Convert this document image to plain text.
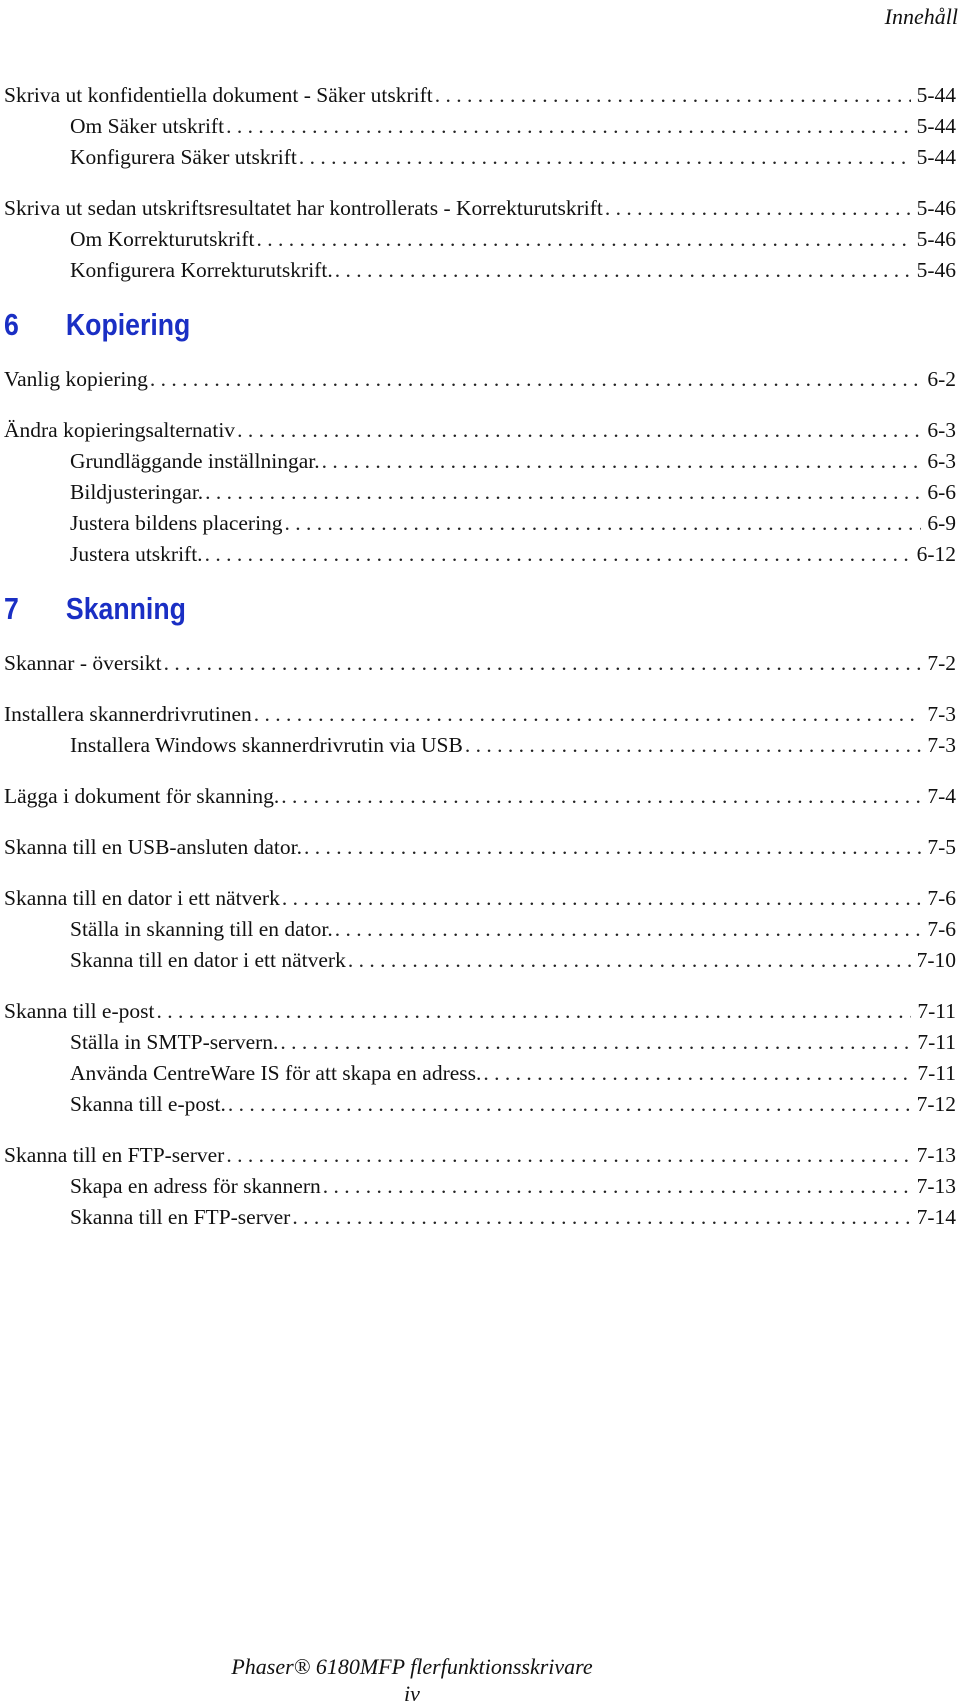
Innehåll
Skriva ut konfidentiella dokument - Säker utskrift . . .	5-44
Om Säker utskrift . . .	5-44
Konfigurera Säker utskrift . . .	5-44
Skriva ut sedan utskriftsresultatet har kontrollerats - Korrekturutskrift . . .	5-46
Om Korrekturutskrift . . .	5-46
Konfigurera Korrekturutskrift. . . .	5-46
6	Kopiering
Vanlig kopiering . . .	6-2
Ändra kopieringsalternativ . . .	6-3
Grundläggande inställningar. . . .	6-3
Bildjusteringar. . . .	6-6
Justera bildens placering . . .	6-9
Justera utskrift. . . .	6-12
7	Skanning
Skannar - översikt . . .	7-2
Installera skannerdrivrutinen . . .	7-3
Installera Windows skannerdrivrutin via USB . . .	7-3
Lägga i dokument för skanning. . . .	7-4
Skanna till en USB-ansluten dator. . . .	7-5
Skanna till en dator i ett nätverk . . .	7-6
Ställa in skanning till en dator. . . .	7-6
Skanna till en dator i ett nätverk . . .	7-10
Skanna till e-post . . .	7-11
Ställa in SMTP-servern. . . .	7-11
Använda CentreWare IS för att skapa en adress. . . .	7-11
Skanna till e-post. . . .	7-12
Skanna till en FTP-server . . .	7-13
Skapa en adress för skannern . . .	7-13
Skanna till en FTP-server . . .	7-14
Phaser® 6180MFP flerfunktionsskrivare
iv
